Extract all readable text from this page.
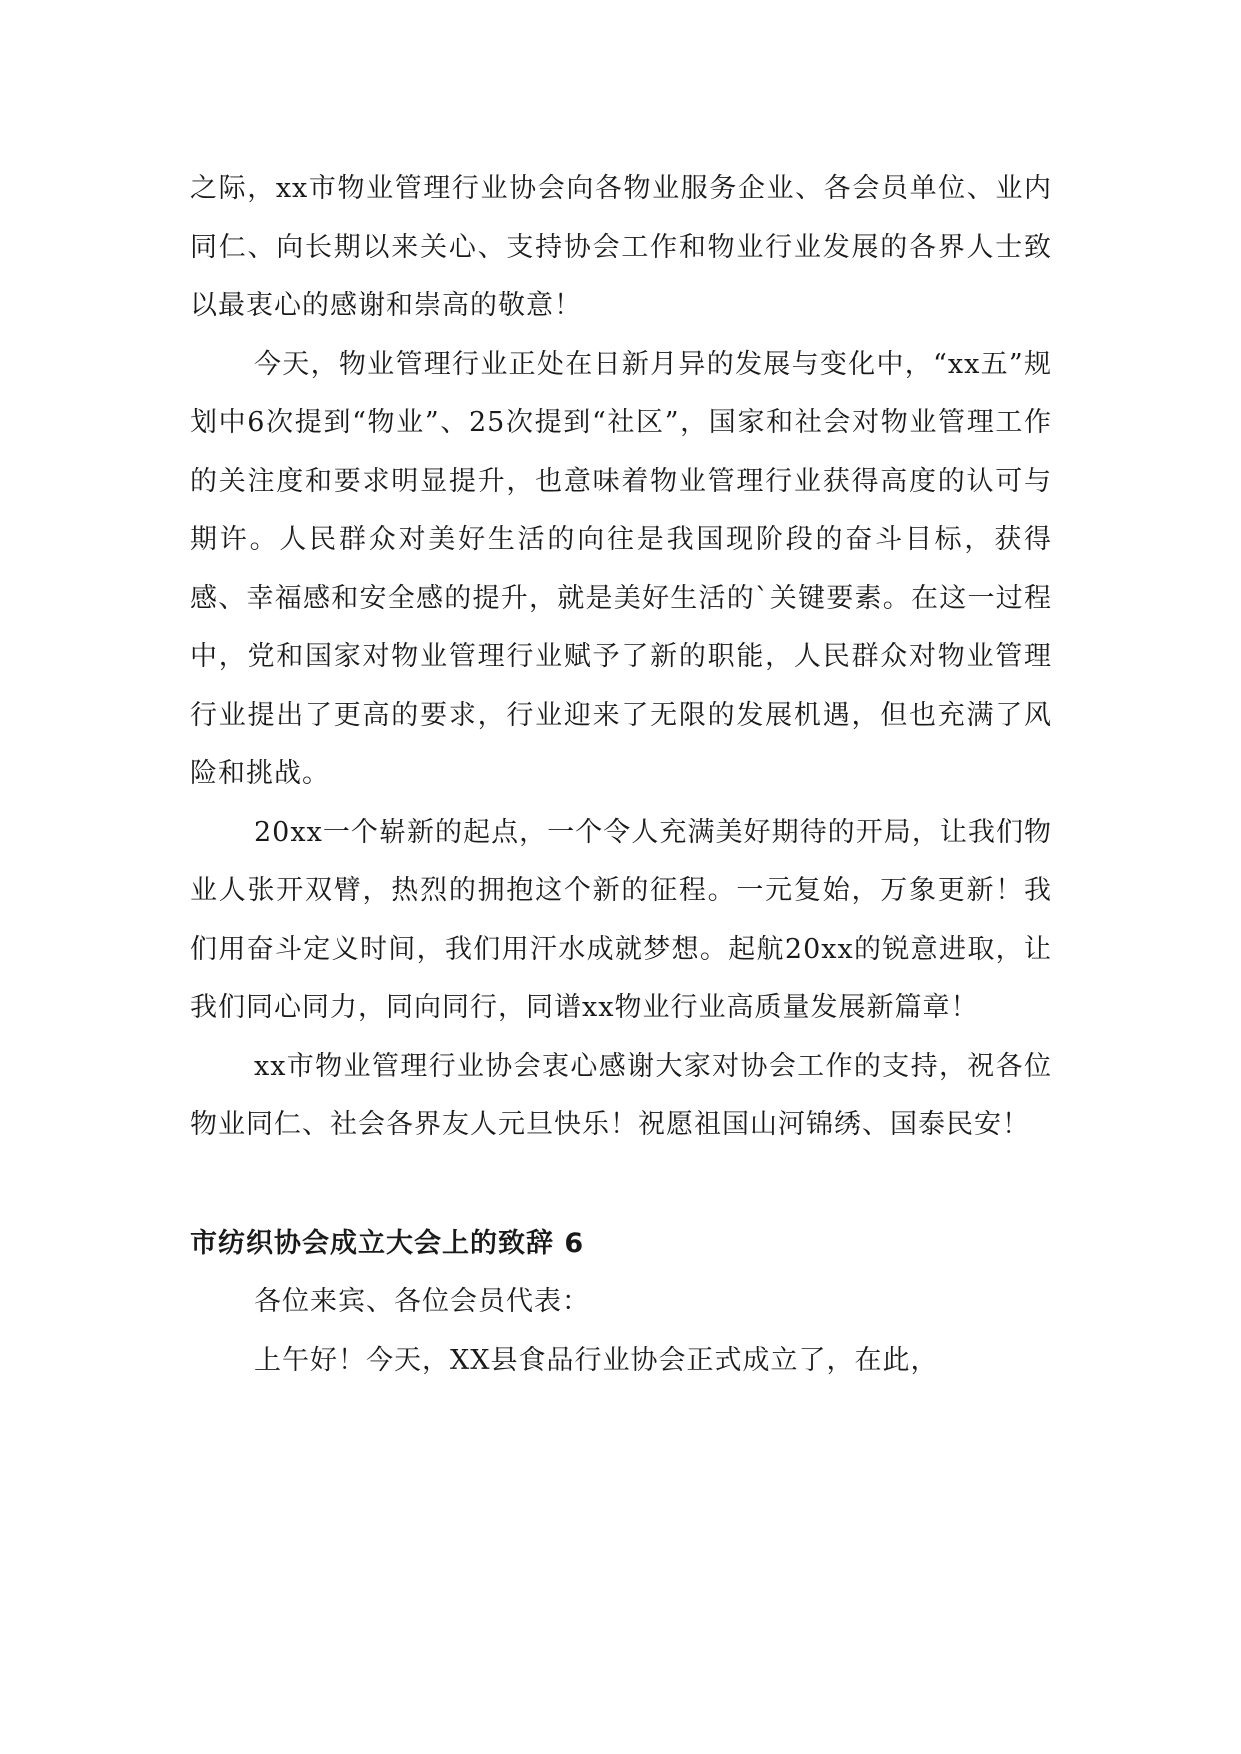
之际，xx市物业管理行业协会向各物业服务企业、各会员单位、业内同仁、向长期以来关心、支持协会工作和物业行业发展的各界人士致以最衷心的感谢和崇高的敬意！

今天，物业管理行业正处在日新月异的发展与变化中，“xx五”规划中6次提到“物业”、25次提到“社区”，国家和社会对物业管理工作的关注度和要求明显提升，也意味着物业管理行业获得高度的认可与期许。人民群众对美好生活的向往是我国现阶段的奋斗目标，获得感、幸福感和安全感的提升，就是美好生活的`关键要素。在这一过程中，党和国家对物业管理行业赋予了新的职能，人民群众对物业管理行业提出了更高的要求，行业迎来了无限的发展机遇，但也充满了风险和挑战。

20xx一个崭新的起点，一个令人充满美好期待的开局，让我们物业人张开双臂，热烈的拥抱这个新的征程。一元复始，万象更新！我们用奋斗定义时间，我们用汗水成就梦想。起航20xx的锐意进取，让我们同心同力，同向同行，同谱xx物业行业高质量发展新篇章！

xx市物业管理行业协会衷心感谢大家对协会工作的支持，祝各位物业同仁、社会各界友人元旦快乐！祝愿祖国山河锦绣、国泰民安！

市纺织协会成立大会上的致辞 6

各位来宾、各位会员代表：

上午好！今天，XX县食品行业协会正式成立了，在此，
